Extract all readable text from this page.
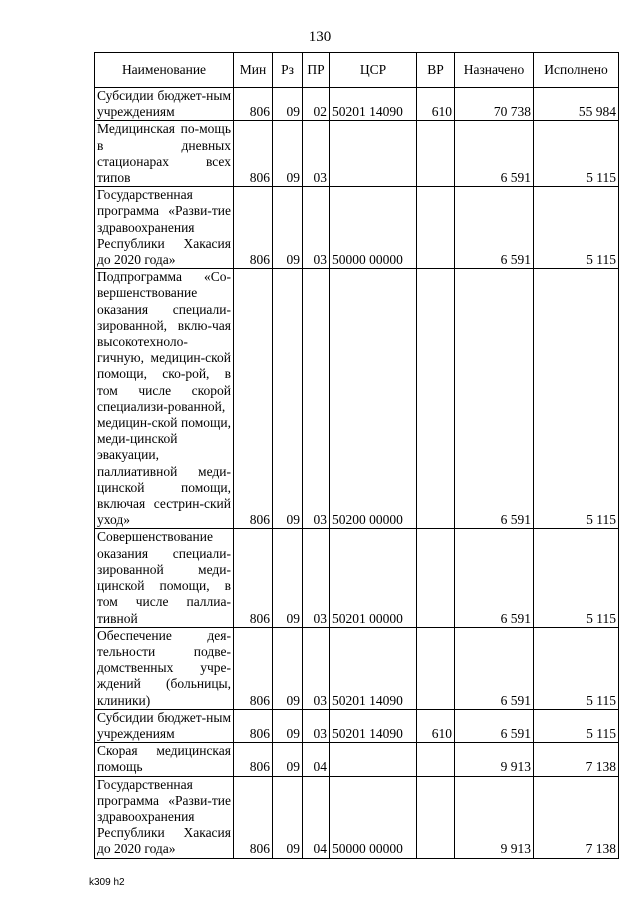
130
Наименование	Мин	Рз	ПР	ЦСР	ВР	Назначено	Исполнено
Субсидии бюджет-ным учреждениям	806	09	02	50201 14090	610	70 738	55 984
Медицинская по-мощь в дневных стационарах всех типов	806	09	03			6 591	5 115
Государственная программа «Разви-тие здравоохранения Республики Хакасия до 2020 года»	806	09	03	50000 00000		6 591	5 115
Подпрограмма «Со-вершенствование оказания специали-зированной, вклю-чая высокотехноло-гичную, медицин-ской помощи, ско-рой, в том числе скорой специализи-рованной, медицин-ской помощи, меди-цинской эвакуации, паллиативной меди-цинской помощи, включая сестрин-ский уход»	806	09	03	50200 00000		6 591	5 115
Совершенствование оказания специали-зированной меди-цинской помощи, в том числе паллиа-тивной	806	09	03	50201 00000		6 591	5 115
Обеспечение дея-тельности подве-домственных учре-ждений (больницы, клиники)	806	09	03	50201 14090		6 591	5 115
Субсидии бюджет-ным учреждениям	806	09	03	50201 14090	610	6 591	5 115
Скорая медицинская помощь	806	09	04			9 913	7 138
Государственная программа «Разви-тие здравоохранения Республики Хакасия до 2020 года»	806	09	04	50000 00000		9 913	7 138
k309 h2
